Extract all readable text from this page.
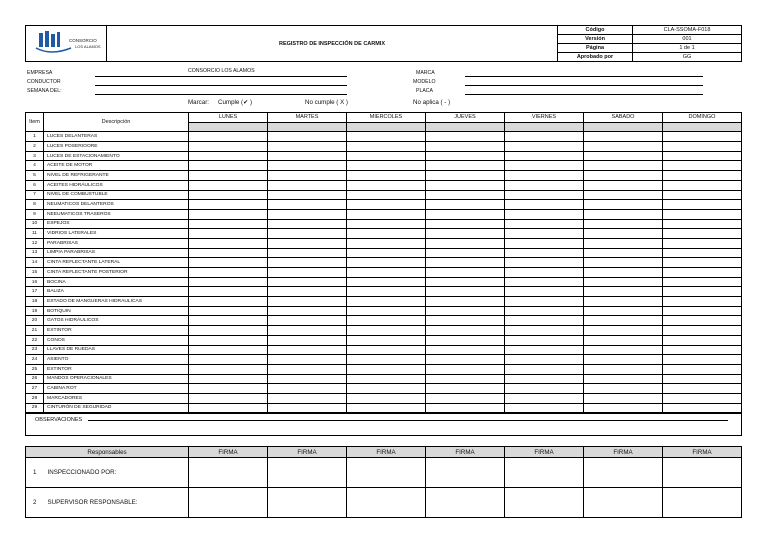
CONSORCIO
LOS ALAMOS	REGISTRO DE INSPECCIÓN DE CARMIX	Código	CLA-SSOMA-F018
		Versión	001
		Página	1 de 1
		Aprobado por	GG
EMPRESA	CONSORCIO LOS ALAMOS
CONDUCTOR
SEMANA DEL:
MARCA
MODELO
PLACA
Marcar: Cumple (✔ )	No cumple ( X )	No aplica ( - )
Item	Descripción	LUNES	MARTES	MIERCOLES	JUEVES	VIERNES	SABADO	DOMINGO

1	LUCES DELANTERAS							
2	LUCES POSERIOORE							
3	LUCES DE ESTACIONAMIENTO							
4	ACEITE DE MOTOR							
5	NIVEL DE REFRIGERANTE							
6	ACEITES HIDRÁULICOS							
7	NIVEL DE COMBUSTUBLE							
8	NEUMATICOS DELANTEROS							
9	NEEUMATICOS TRASEROS							
10	ESPEJOS							
11	VIDRIOS LATERALES							
12	PARABRISAS							
13	LIMPIA PARABRISAS							
14	CINTA REFLECTANTE LATERAL							
15	CINTA REFLECTANTE POSTERIOR							
16	BOCINA							
17	BALIZA							
18	ESTADO DE MANGUERAS HIDRAULICAS							
19	BOTIQUIN							
20	GATOS HIDRÁULICOS							
21	EXTINTOR							
22	CONOS							
23	LLAVES DE RUEDAS							
24	ASIENTO							
25	EXTINTOR							
26	MANDOS OPERACIONALES							
27	CABINA ROT							
28	MARCADORES							
29	CINTURÓN DE SEGURIDAD							
OBSERVACIONES

Responsables		FIRMA	FIRMA	FIRMA	FIRMA	FIRMA	FIRMA	FIRMA
1	INSPECCIONADO POR:							
2	SUPERVISOR RESPONSABLE:							
